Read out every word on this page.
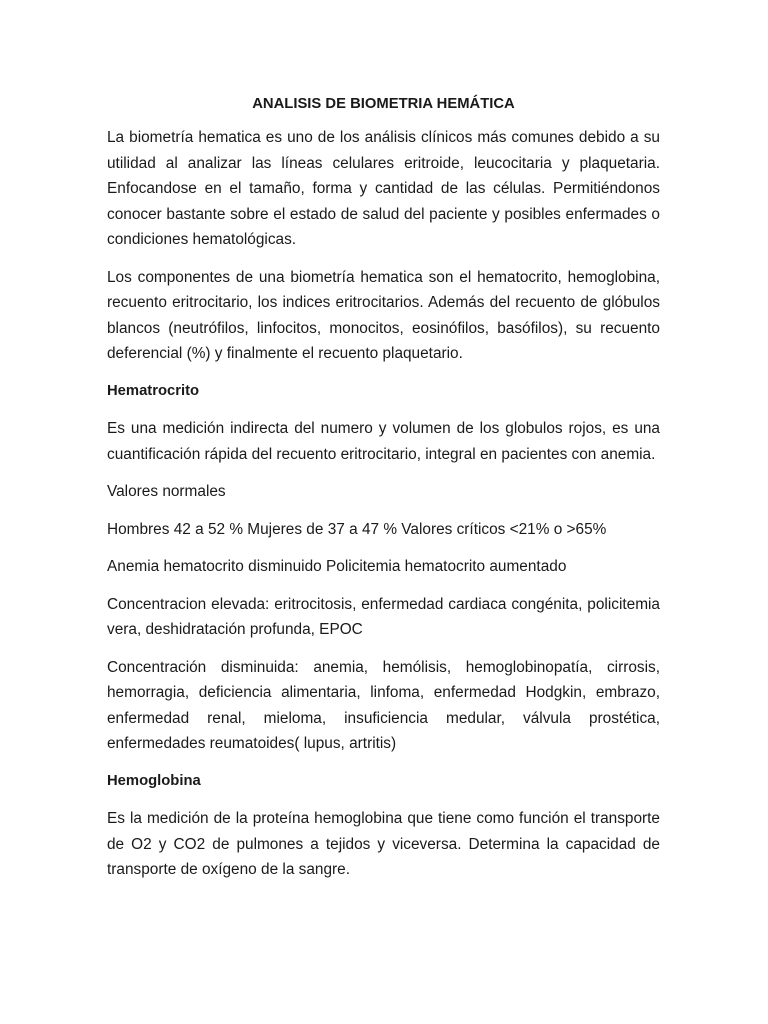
ANALISIS DE BIOMETRIA HEMÁTICA

La biometría hematica es uno de los análisis clínicos más comunes debido a su utilidad al analizar las líneas celulares eritroide, leucocitaria y plaquetaria. Enfocandose en el tamaño, forma y cantidad de las células. Permitiéndonos conocer bastante sobre el estado de salud del paciente y posibles enfermades o condiciones hematológicas.

Los componentes de una biometría hematica son el hematocrito, hemoglobina, recuento eritrocitario, los indices eritrocitarios. Además del recuento de glóbulos blancos (neutrófilos, linfocitos, monocitos, eosinófilos, basófilos), su recuento deferencial (%) y finalmente el recuento plaquetario.

Hematrocrito

Es una medición indirecta del numero y volumen de los globulos rojos, es una cuantificación rápida del recuento eritrocitario, integral en pacientes con anemia.

Valores normales

Hombres 42 a 52 % Mujeres de 37 a 47 % Valores críticos <21% o >65%

Anemia hematocrito disminuido Policitemia hematocrito aumentado

Concentracion elevada: eritrocitosis, enfermedad cardiaca congénita, policitemia vera, deshidratación profunda, EPOC

Concentración disminuida: anemia, hemólisis, hemoglobinopatía, cirrosis, hemorragia, deficiencia alimentaria, linfoma, enfermedad Hodgkin, embrazo, enfermedad renal, mieloma, insuficiencia medular, válvula prostética, enfermedades reumatoides( lupus, artritis)

Hemoglobina

Es la medición de la proteína hemoglobina que tiene como función el transporte de O2 y CO2 de pulmones a tejidos y viceversa. Determina la capacidad de transporte de oxígeno de la sangre.
